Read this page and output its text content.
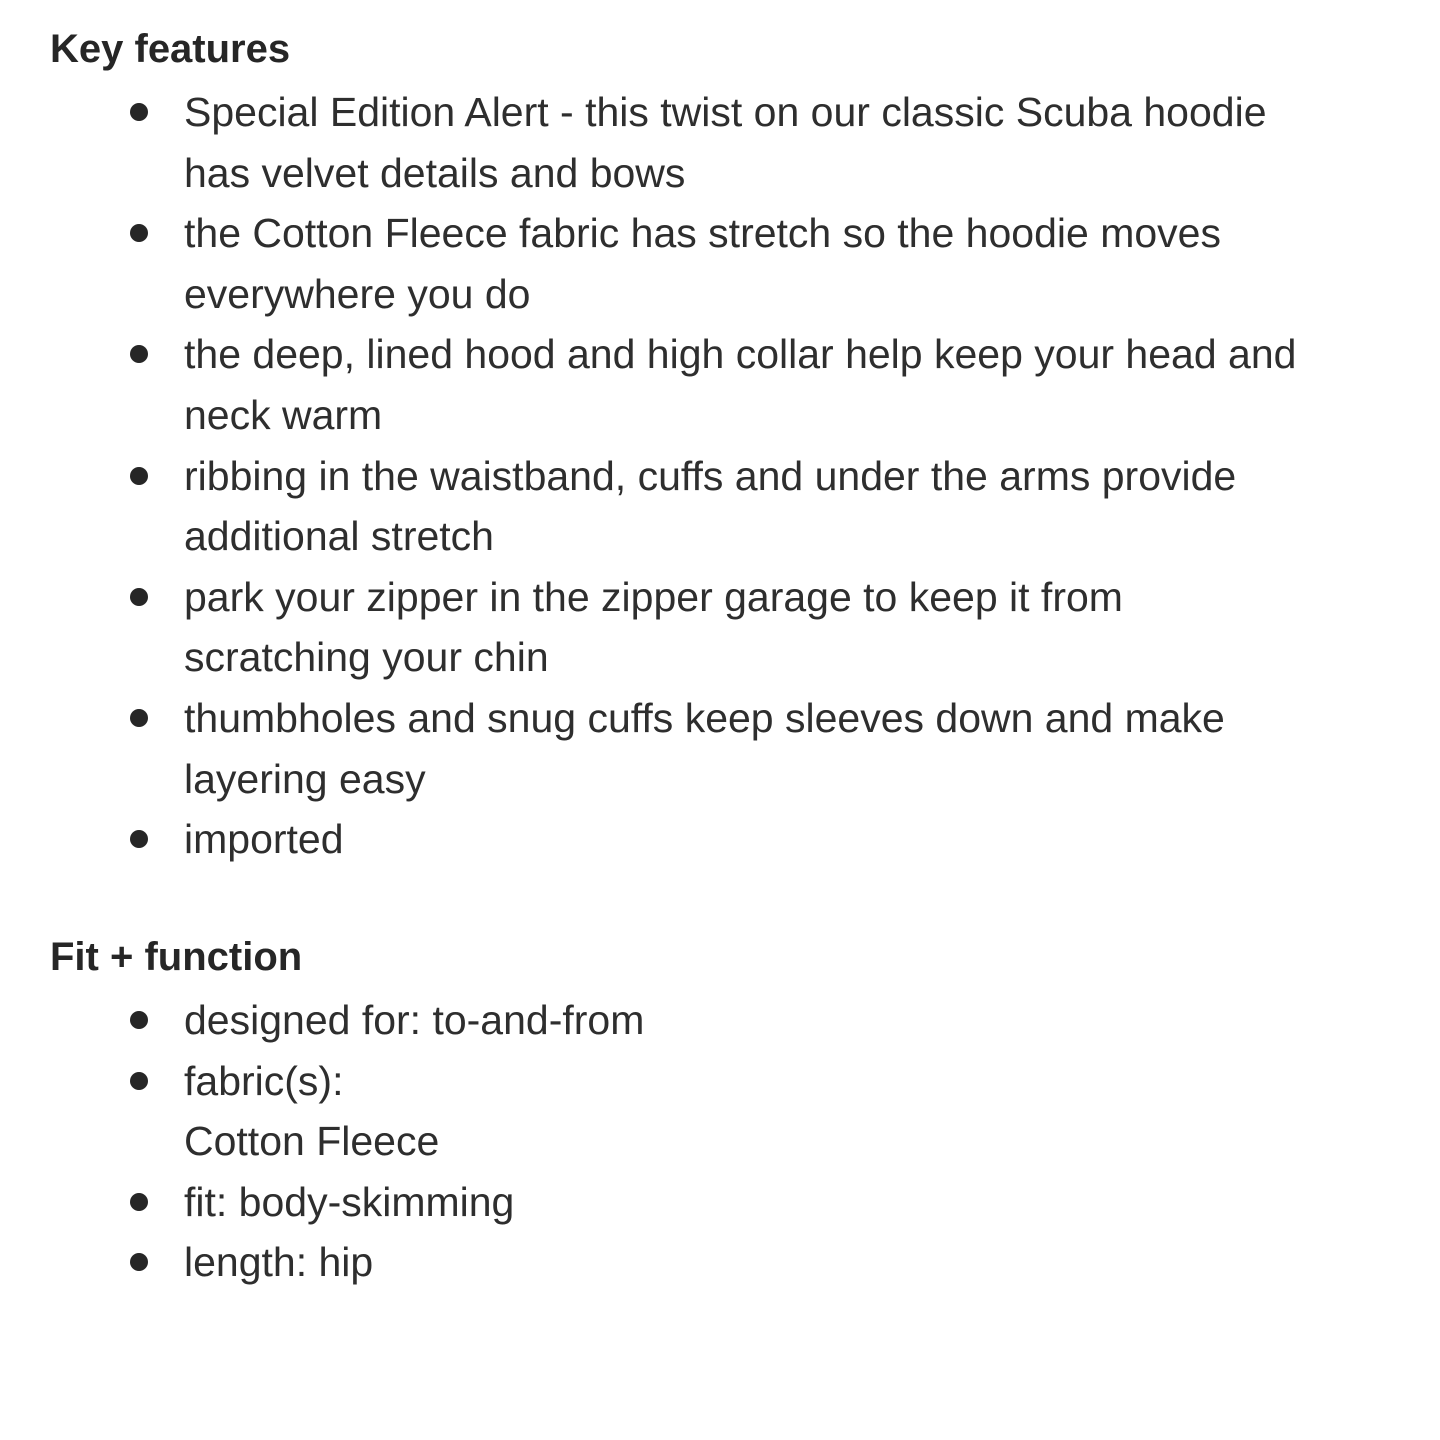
Key features
Special Edition Alert - this twist on our classic Scuba hoodie
has velvet details and bows
the Cotton Fleece fabric has stretch so the hoodie moves
everywhere you do
the deep, lined hood and high collar help keep your head and
neck warm
ribbing in the waistband, cuffs and under the arms provide
additional stretch
park your zipper in the zipper garage to keep it from
scratching your chin
thumbholes and snug cuffs keep sleeves down and make
layering easy
imported
Fit + function
designed for: to-and-from
fabric(s):
Cotton Fleece
fit: body-skimming
length: hip
